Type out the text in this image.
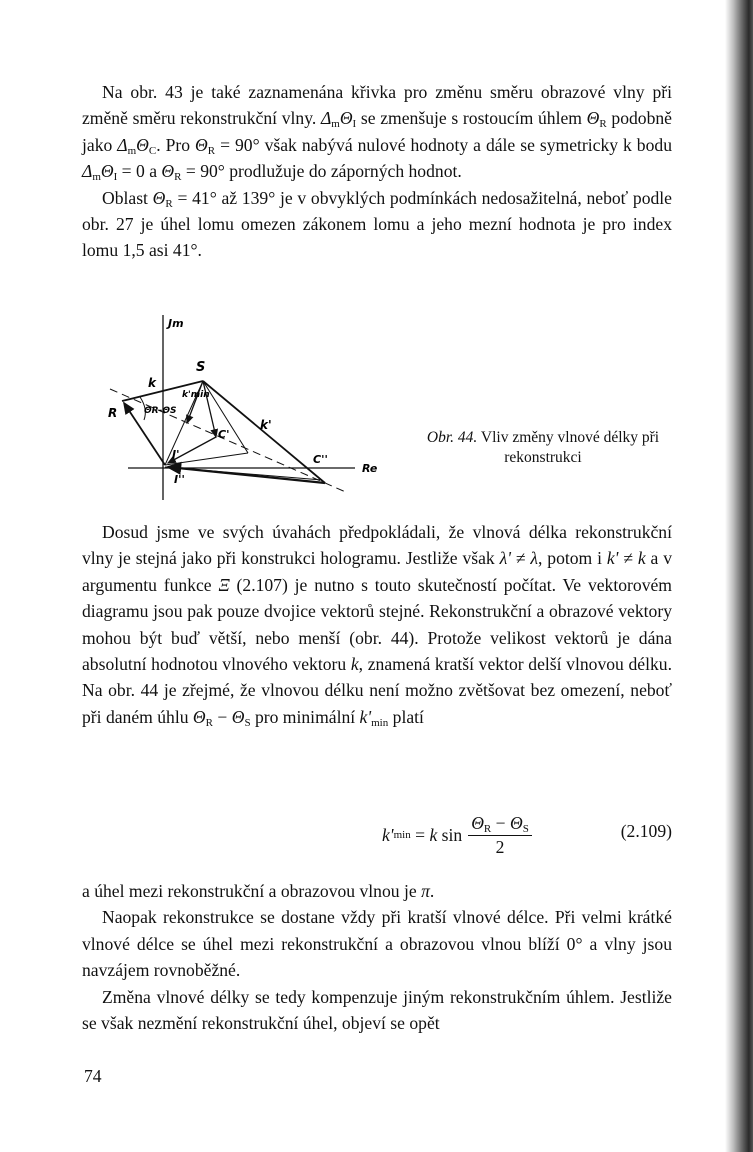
Na obr. 43 je také zaznamenána křivka pro změnu směru obrazové vlny při změně směru rekonstrukční vlny. $\Delta_m\Theta_I$ se zmenšuje s rostoucím úhlem $\Theta_R$ podobně jako $\Delta_m\Theta_C$. Pro $\Theta_R = 90^\circ$ však nabývá nulové hodnoty a dále se symetricky k bodu $\Delta_m\Theta_I = 0$ a $\Theta_R = 90^\circ$ prodlužuje do záporných hodnot.

Oblast $\Theta_R = 41^\circ$ až 139° je v obvyklých podmínkách nedosažitelná, neboť podle obr. 27 je úhel lomu omezen zákonem lomu a jeho mezní hodnota je pro index lomu 1,5 asi 41°.

Jm
Re
S
R
k
k'
k'min
ΘR-ΘS
C'
C''
I'
I''
Obr. 44. Vliv změny vlnové délky při rekonstrukci

Dosud jsme ve svých úvahách předpokládali, že vlnová délka rekonstrukční vlny je stejná jako při konstrukci hologramu. Jestliže však λ' ≠ λ, potom i k' ≠ k a v argumentu funkce Ξ (2.107) je nutno s touto skutečností počítat. Ve vektorovém diagramu jsou pak pouze dvojice vektorů stejné. Rekonstrukční a obrazové vektory mohou být buď větší, nebo menší (obr. 44). Protože velikost vektorů je dána absolutní hodnotou vlnového vektoru k, znamená kratší vektor delší vlnovou délku. Na obr. 44 je zřejmé, že vlnovou délku není možno zvětšovat bez omezení, neboť při daném úhlu $\Theta_R - \Theta_S$ pro minimální $k'_{min}$ platí

k' min = k $\sin \frac{\Theta_R - \Theta_S}{2}$	(2.109)

a úhel mezi rekonstrukční a obrazovou vlnou je π.

Naopak rekonstrukce se dostane vždy při kratší vlnové délce. Při velmi krátké vlnové délce se úhel mezi rekonstrukční a obrazovou vlnou blíží 0° a vlny jsou navzájem rovnoběžné.

Změna vlnové délky se tedy kompenzuje jiným rekonstrukčním úhlem. Jestliže se však nezmění rekonstrukční úhel, objeví se opět

74
